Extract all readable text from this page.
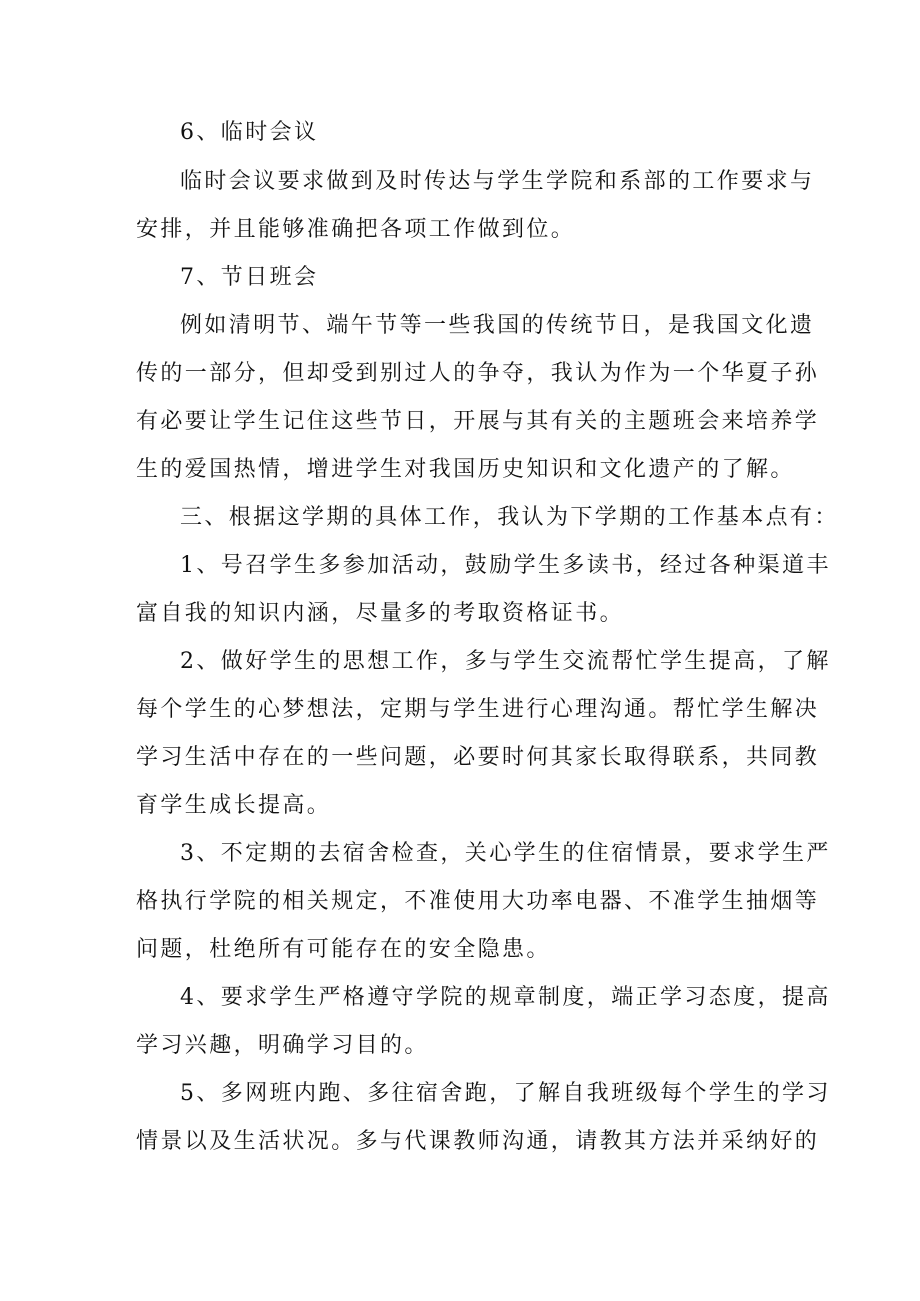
6、临时会议
临时会议要求做到及时传达与学生学院和系部的工作要求与
安排，并且能够准确把各项工作做到位。
7、节日班会
例如清明节、端午节等一些我国的传统节日，是我国文化遗
传的一部分，但却受到别过人的争夺，我认为作为一个华夏子孙
有必要让学生记住这些节日，开展与其有关的主题班会来培养学
生的爱国热情，增进学生对我国历史知识和文化遗产的了解。
三、根据这学期的具体工作，我认为下学期的工作基本点有：
1、号召学生多参加活动，鼓励学生多读书，经过各种渠道丰
富自我的知识内涵，尽量多的考取资格证书。
2、做好学生的思想工作，多与学生交流帮忙学生提高，了解
每个学生的心梦想法，定期与学生进行心理沟通。帮忙学生解决
学习生活中存在的一些问题，必要时何其家长取得联系，共同教
育学生成长提高。
3、不定期的去宿舍检查，关心学生的住宿情景，要求学生严
格执行学院的相关规定，不准使用大功率电器、不准学生抽烟等
问题，杜绝所有可能存在的安全隐患。
4、要求学生严格遵守学院的规章制度，端正学习态度，提高
学习兴趣，明确学习目的。
5、多网班内跑、多往宿舍跑，了解自我班级每个学生的学习
情景以及生活状况。多与代课教师沟通，请教其方法并采纳好的
